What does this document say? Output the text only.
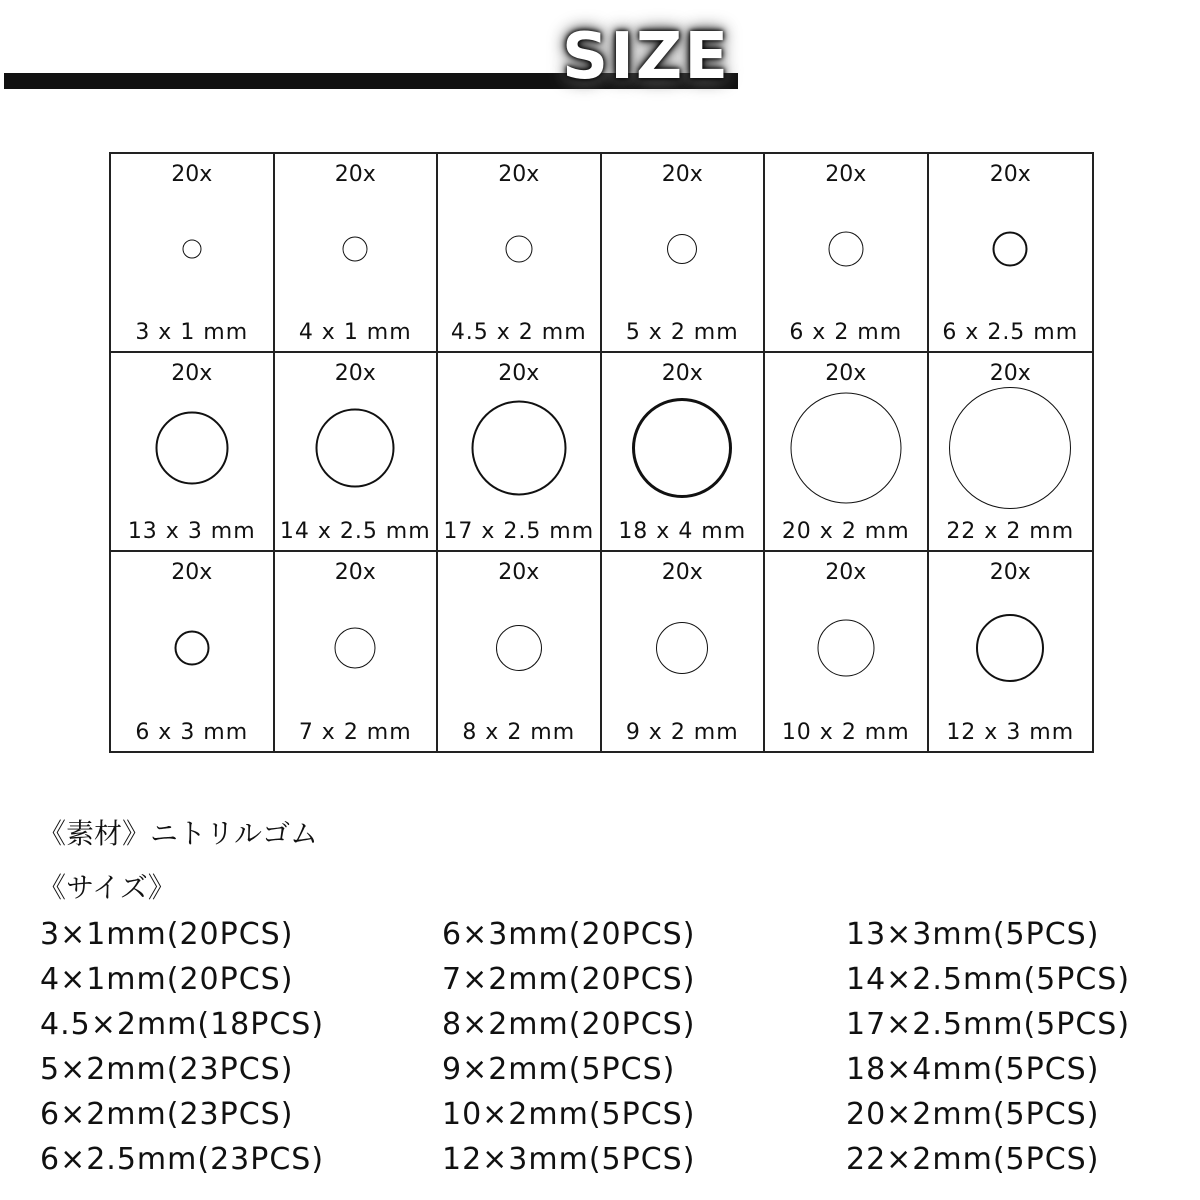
SIZE
20x
3 x 1 mm
20x
4 x 1 mm
20x
4.5 x 2 mm
20x
5 x 2 mm
20x
6 x 2 mm
20x
6 x 2.5 mm
20x
13 x 3 mm
20x
14 x 2.5 mm
20x
17 x 2.5 mm
20x
18 x 4 mm
20x
20 x 2 mm
20x
22 x 2 mm
20x
6 x 3 mm
20x
7 x 2 mm
20x
8 x 2 mm
20x
9 x 2 mm
20x
10 x 2 mm
20x
12 x 3 mm
《素材》ニトリルゴム
《サイズ》
3×1mm(20PCS)
4×1mm(20PCS)
4.5×2mm(18PCS)
5×2mm(23PCS)
6×2mm(23PCS)
6×2.5mm(23PCS)
6×3mm(20PCS)
7×2mm(20PCS)
8×2mm(20PCS)
9×2mm(5PCS)
10×2mm(5PCS)
12×3mm(5PCS)
13×3mm(5PCS)
14×2.5mm(5PCS)
17×2.5mm(5PCS)
18×4mm(5PCS)
20×2mm(5PCS)
22×2mm(5PCS)
